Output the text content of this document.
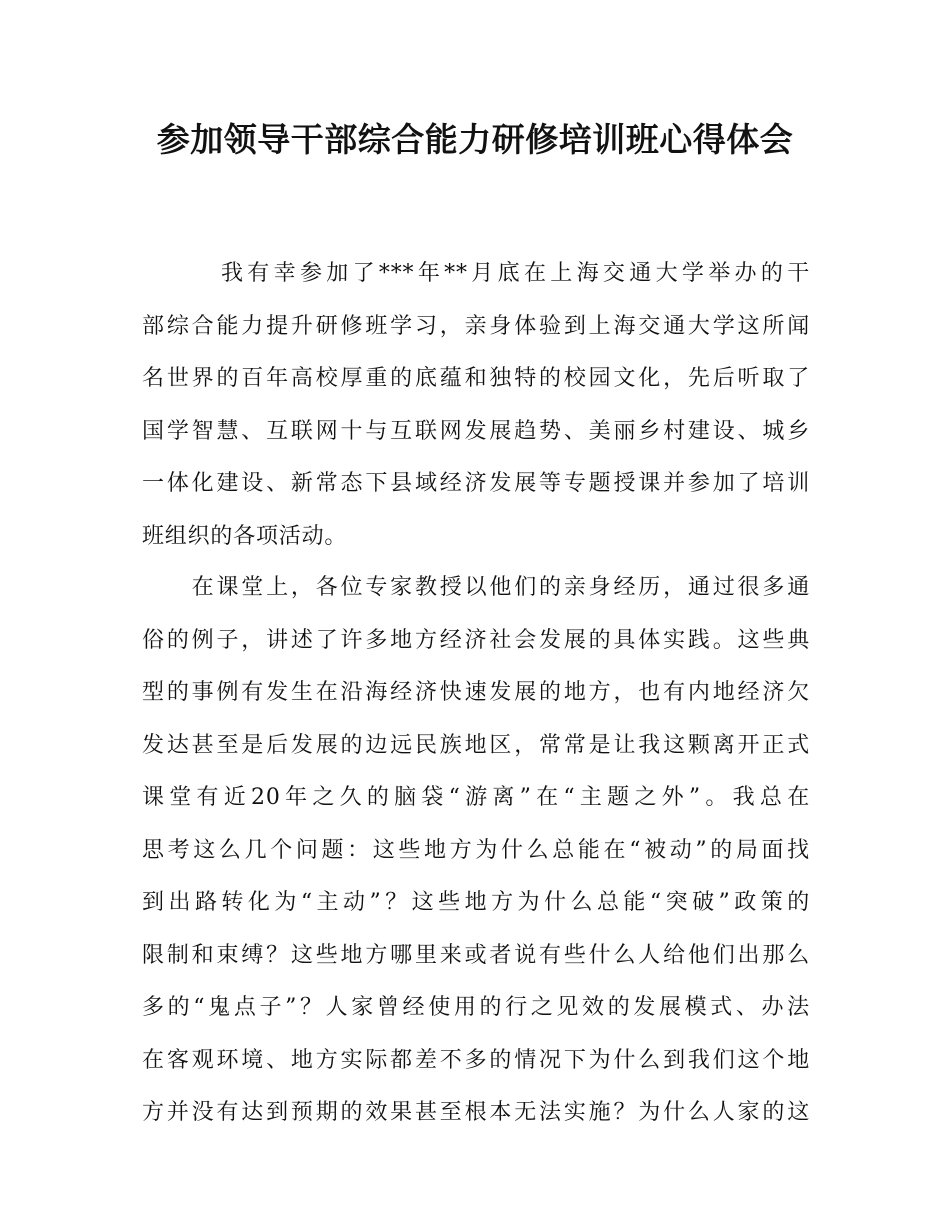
参加领导干部综合能力研修培训班心得体会
　　　我有幸参加了***年**月底在上海交通大学举办的干
部综合能力提升研修班学习，亲身体验到上海交通大学这所闻
名世界的百年高校厚重的底蕴和独特的校园文化，先后听取了
国学智慧、互联网十与互联网发展趋势、美丽乡村建设、城乡
一体化建设、新常态下县域经济发展等专题授课并参加了培训
班组织的各项活动。
　　在课堂上，各位专家教授以他们的亲身经历，通过很多通
俗的例子，讲述了许多地方经济社会发展的具体实践。这些典
型的事例有发生在沿海经济快速发展的地方，也有内地经济欠
发达甚至是后发展的边远民族地区，常常是让我这颗离开正式
课堂有近20年之久的脑袋“游离”在“主题之外”。我总在
思考这么几个问题：这些地方为什么总能在“被动”的局面找
到出路转化为“主动”？这些地方为什么总能“突破”政策的
限制和束缚？这些地方哪里来或者说有些什么人给他们出那么
多的“鬼点子”？人家曾经使用的行之见效的发展模式、办法
在客观环境、地方实际都差不多的情况下为什么到我们这个地
方并没有达到预期的效果甚至根本无法实施？为什么人家的这
